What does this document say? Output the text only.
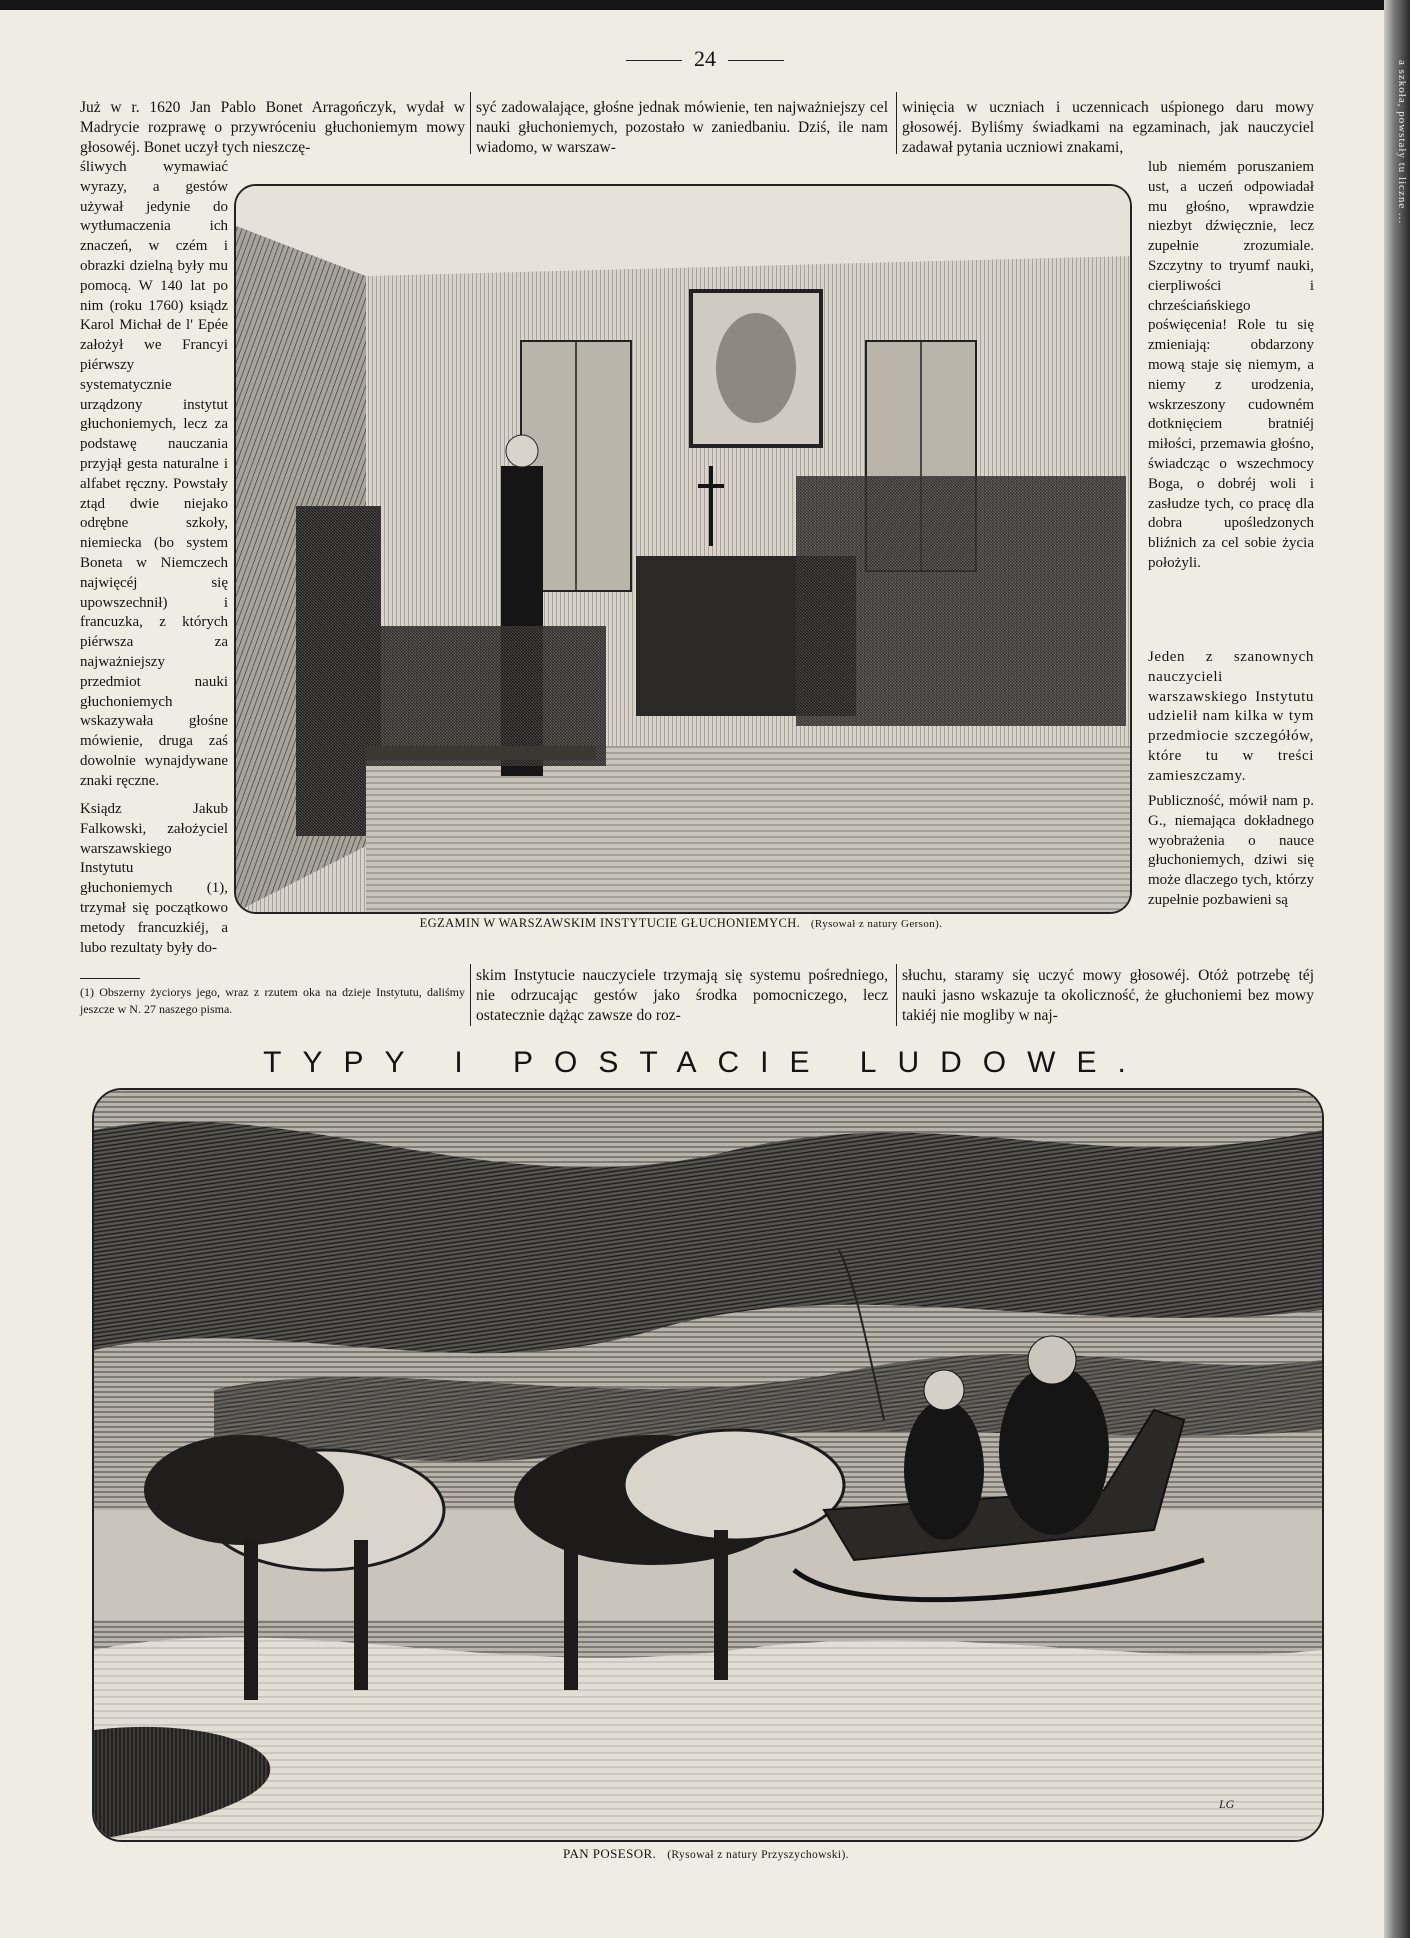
a szkoła, powstały tu liczne ...
24

Już w r. 1620 Jan Pablo Bonet Arragończyk, wydał w Madrycie rozprawę o przywróceniu głuchoniemym mowy głosowéj. Bonet uczył tych nieszczę-

śliwych wymawiać wyrazy, a gestów używał jedynie do wytłumaczenia ich znaczeń, w czém i obrazki dzielną były mu pomocą. W 140 lat po nim (roku 1760) ksiądz Karol Michał de l' Epée założył we Francyi piérwszy systematycznie urządzony instytut głuchoniemych, lecz za podstawę nauczania przyjął gesta naturalne i alfabet ręczny. Powstały ztąd dwie niejako odrębne szkoły, niemiecka (bo system Boneta w Niemczech najwięcéj się upowszechnił) i francuzka, z których piérwsza za najważniejszy przedmiot nauki głuchoniemych wskazywała głośne mówienie, druga zaś dowolnie wynajdywane znaki ręczne.

Ksiądz Jakub Falkowski, założyciel warszawskiego Instytutu głuchoniemych (1), trzymał się początkowo metody francuzkiéj, a lubo rezultaty były do-

syć zadowalające, głośne jednak mówienie, ten najważniejszy cel nauki głuchoniemych, pozostało w zaniedbaniu. Dziś, ile nam wiadomo, w warszaw-

winięcia w uczniach i uczennicach uśpionego daru mowy głosowéj. Byliśmy świadkami na egzaminach, jak nauczyciel zadawał pytania uczniowi znakami,

lub niemém poruszaniem ust, a uczeń odpowiadał mu głośno, wprawdzie niezbyt dźwięcznie, lecz zupełnie zrozumiale. Szczytny to tryumf nauki, cierpliwości i chrześciańskiego poświęcenia! Role tu się zmieniają: obdarzony mową staje się niemym, a niemy z urodzenia, wskrzeszony cudowném dotknięciem bratniéj miłości, przemawia głośno, świadcząc o wszechmocy Boga, o dobréj woli i zasłudze tych, co pracę dla dobra upośledzonych bliźnich za cel sobie życia położyli.

Jeden z szanownych nauczycieli warszawskiego Instytutu udzielił nam kilka w tym przedmiocie szczegółów, które tu w treści zamieszczamy.

Publiczność, mówił nam p. G., niemająca dokładnego wyobrażenia o nauce głuchoniemych, dziwi się może dlaczego tych, którzy zupełnie pozbawieni są

EGZAMIN W WARSZAWSKIM INSTYTUCIE GŁUCHONIEMYCH. (Rysował z natury Gerson).
(1) Obszerny życiorys jego, wraz z rzutem oka na dzieje Instytutu, daliśmy jeszcze w N. 27 naszego pisma.

skim Instytucie nauczyciele trzymają się systemu pośredniego, nie odrzucając gestów jako środka pomocniczego, lecz ostatecznie dążąc zawsze do roz-

słuchu, staramy się uczyć mowy głosowéj. Otóż potrzebę téj nauki jasno wskazuje ta okoliczność, że głuchoniemi bez mowy takiéj nie mogliby w naj-

TYPY I POSTACIE LUDOWE.
LG
PAN POSESOR. (Rysował z natury Przyszychowski).
